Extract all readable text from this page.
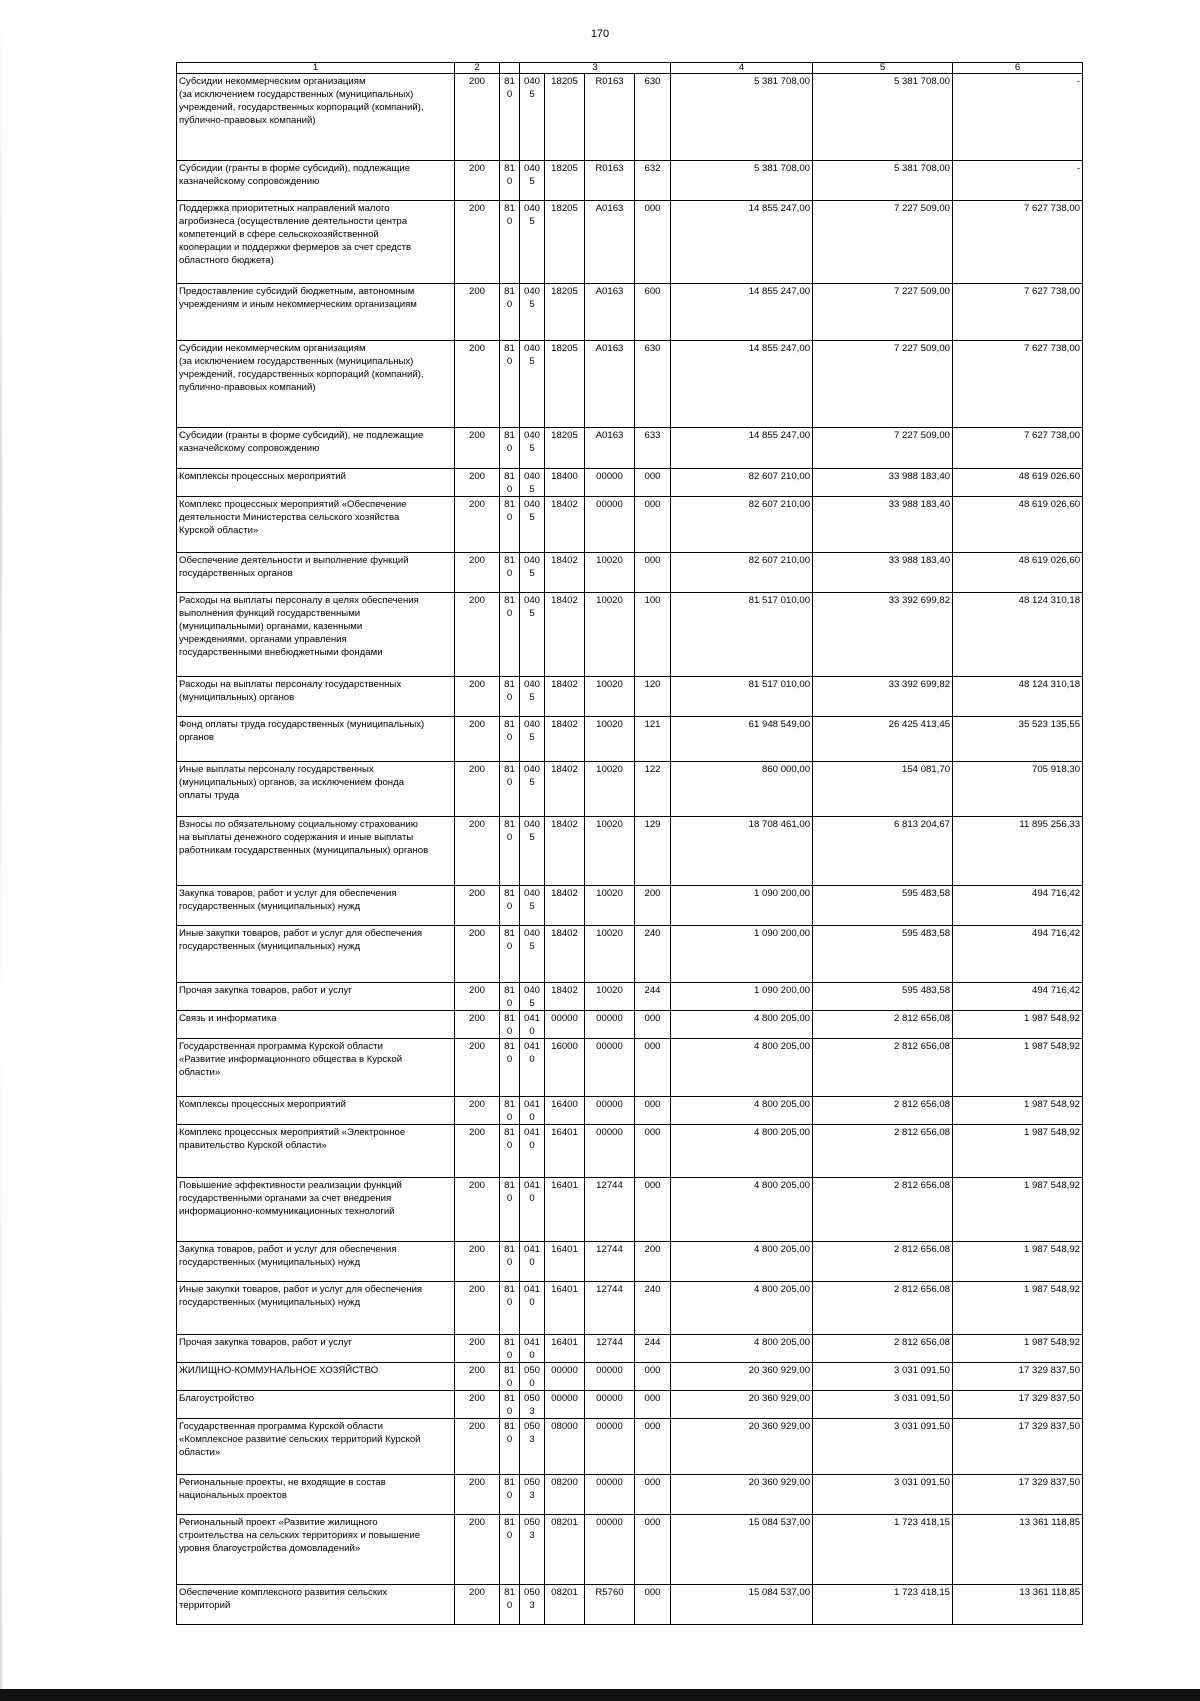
170
1	2		3				4	5	6
Субсидии некоммерческим организациям
(за исключением государственных (муниципальных)
учреждений, государственных корпораций (компаний),
публично-правовых компаний)	200	810	0405	18205	R0163	630	5 381 708,00	5 381 708,00	-
Субсидии (гранты в форме субсидий), подлежащие
казначейскому сопровождению	200	810	0405	18205	R0163	632	5 381 708,00	5 381 708,00	-
Поддержка приоритетных направлений малого
агробизнеса (осуществление деятельности центра
компетенций в сфере сельскохозяйственной
кооперации и поддержки фермеров за счет средств
областного бюджета)	200	810	0405	18205	A0163	000	14 855 247,00	7 227 509,00	7 627 738,00
Предоставление субсидий бюджетным, автономным
учреждениям и иным некоммерческим организациям	200	810	0405	18205	A0163	600	14 855 247,00	7 227 509,00	7 627 738,00
Субсидии некоммерческим организациям
(за исключением государственных (муниципальных)
учреждений, государственных корпораций (компаний),
публично-правовых компаний)	200	810	0405	18205	A0163	630	14 855 247,00	7 227 509,00	7 627 738,00
Субсидии (гранты в форме субсидий), не подлежащие
казначейскому сопровождению	200	810	0405	18205	A0163	633	14 855 247,00	7 227 509,00	7 627 738,00
Комплексы процессных мероприятий	200	810	0405	18400	00000	000	82 607 210,00	33 988 183,40	48 619 026,60
Комплекс процессных мероприятий «Обеспечение
деятельности Министерства сельского хозяйства
Курской области»	200	810	0405	18402	00000	000	82 607 210,00	33 988 183,40	48 619 026,60
Обеспечение деятельности и выполнение функций
государственных органов	200	810	0405	18402	10020	000	82 607 210,00	33 988 183,40	48 619 026,60
Расходы на выплаты персоналу в целях обеспечения
выполнения функций государственными
(муниципальными) органами, казенными
учреждениями, органами управления
государственными внебюджетными фондами	200	810	0405	18402	10020	100	81 517 010,00	33 392 699,82	48 124 310,18
Расходы на выплаты персоналу государственных
(муниципальных) органов	200	810	0405	18402	10020	120	81 517 010,00	33 392 699,82	48 124 310,18
Фонд оплаты труда государственных (муниципальных)
органов	200	810	0405	18402	10020	121	61 948 549,00	26 425 413,45	35 523 135,55
Иные выплаты персоналу государственных
(муниципальных) органов, за исключением фонда
оплаты труда	200	810	0405	18402	10020	122	860 000,00	154 081,70	705 918,30
Взносы по обязательному социальному страхованию
на выплаты денежного содержания и иные выплаты
работникам государственных (муниципальных) органов	200	810	0405	18402	10020	129	18 708 461,00	6 813 204,67	11 895 256,33
Закупка товаров, работ и услуг для обеспечения
государственных (муниципальных) нужд	200	810	0405	18402	10020	200	1 090 200,00	595 483,58	494 716,42
Иные закупки товаров, работ и услуг для обеспечения
государственных (муниципальных) нужд	200	810	0405	18402	10020	240	1 090 200,00	595 483,58	494 716,42
Прочая закупка товаров, работ и услуг	200	810	0405	18402	10020	244	1 090 200,00	595 483,58	494 716,42
Связь и информатика	200	810	0410	00000	00000	000	4 800 205,00	2 812 656,08	1 987 548,92
Государственная программа Курской области
«Развитие информационного общества в Курской
области»	200	810	0410	16000	00000	000	4 800 205,00	2 812 656,08	1 987 548,92
Комплексы процессных мероприятий	200	810	0410	16400	00000	000	4 800 205,00	2 812 656,08	1 987 548,92
Комплекс процессных мероприятий «Электронное
правительство Курской области»	200	810	0410	16401	00000	000	4 800 205,00	2 812 656,08	1 987 548,92
Повышение эффективности реализации функций
государственными органами за счет внедрения
информационно-коммуникационных технологий	200	810	0410	16401	12744	000	4 800 205,00	2 812 656,08	1 987 548,92
Закупка товаров, работ и услуг для обеспечения
государственных (муниципальных) нужд	200	810	0410	16401	12744	200	4 800 205,00	2 812 656,08	1 987 548,92
Иные закупки товаров, работ и услуг для обеспечения
государственных (муниципальных) нужд	200	810	0410	16401	12744	240	4 800 205,00	2 812 656,08	1 987 548,92
Прочая закупка товаров, работ и услуг	200	810	0410	16401	12744	244	4 800 205,00	2 812 656,08	1 987 548,92
ЖИЛИЩНО-КОММУНАЛЬНОЕ ХОЗЯЙСТВО	200	810	0500	00000	00000	000	20 360 929,00	3 031 091,50	17 329 837,50
Благоустройство	200	810	0503	00000	00000	000	20 360 929,00	3 031 091,50	17 329 837,50
Государственная программа Курской области
«Комплексное развитие сельских территорий Курской
области»	200	810	0503	08000	00000	000	20 360 929,00	3 031 091,50	17 329 837,50
Региональные проекты, не входящие в состав
национальных проектов	200	810	0503	08200	00000	000	20 360 929,00	3 031 091,50	17 329 837,50
Региональный проект «Развитие жилищного
строительства на сельских территориях и повышение
уровня благоустройства домовладений»	200	810	0503	08201	00000	000	15 084 537,00	1 723 418,15	13 361 118,85
Обеспечение комплексного развития сельских
территорий	200	810	0503	08201	R5760	000	15 084 537,00	1 723 418,15	13 361 118,85
